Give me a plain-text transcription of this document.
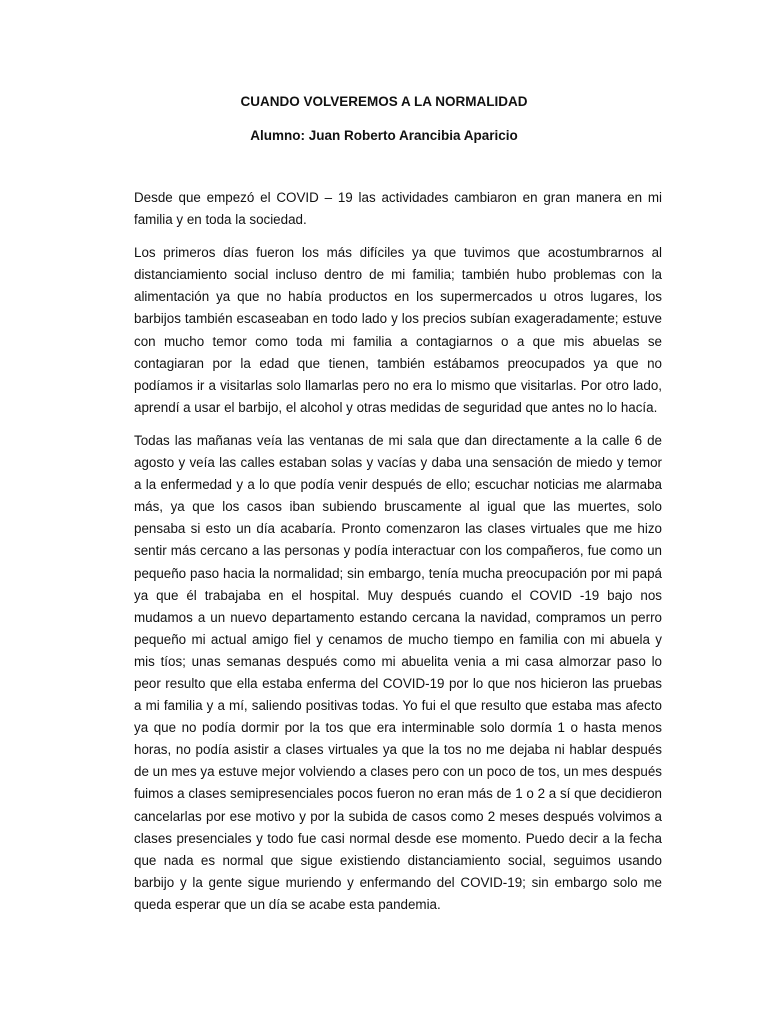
CUANDO VOLVEREMOS A LA NORMALIDAD
Alumno: Juan Roberto Arancibia Aparicio

Desde que empezó el COVID – 19 las actividades cambiaron en gran manera en mi familia y en toda la sociedad.

Los primeros días fueron los más difíciles ya que tuvimos que acostumbrarnos al distanciamiento social incluso dentro de mi familia; también hubo problemas con la alimentación ya que no había productos en los supermercados u otros lugares, los barbijos también escaseaban en todo lado y los precios subían exageradamente; estuve con mucho temor como toda mi familia a contagiarnos o a que mis abuelas se contagiaran por la edad que tienen, también estábamos preocupados ya que no podíamos ir a visitarlas solo llamarlas pero no era lo mismo que visitarlas. Por otro lado, aprendí a usar el barbijo, el alcohol y otras medidas de seguridad que antes no lo hacía.

Todas las mañanas veía las ventanas de mi sala que dan directamente a la calle 6 de agosto y veía las calles estaban solas y vacías y daba una sensación de miedo y temor a la enfermedad y a lo que podía venir después de ello; escuchar noticias me alarmaba más, ya que los casos iban subiendo bruscamente al igual que las muertes, solo pensaba si esto un día acabaría. Pronto comenzaron las clases virtuales que me hizo sentir más cercano a las personas y podía interactuar con los compañeros, fue como un pequeño paso hacia la normalidad; sin embargo, tenía mucha preocupación por mi papá ya que él trabajaba en el hospital. Muy después cuando el COVID -19 bajo nos mudamos a un nuevo departamento estando cercana la navidad, compramos un perro pequeño mi actual amigo fiel y cenamos de mucho tiempo en familia con mi abuela y mis tíos; unas semanas después como mi abuelita venia a mi casa almorzar paso lo peor resulto que ella estaba enferma del COVID-19 por lo que nos hicieron las pruebas a mi familia y a mí, saliendo positivas todas. Yo fui el que resulto que estaba mas afecto ya que no podía dormir por la tos que era interminable solo dormía 1 o hasta menos horas, no podía asistir a clases virtuales ya que la tos no me dejaba ni hablar después de un mes ya estuve mejor volviendo a clases pero con un poco de tos, un mes después fuimos a clases semipresenciales pocos fueron no eran más de 1 o 2 a sí que decidieron cancelarlas por ese motivo y por la subida de casos como 2 meses después volvimos a clases presenciales y todo fue casi normal desde ese momento. Puedo decir a la fecha que nada es normal que sigue existiendo distanciamiento social, seguimos usando barbijo y la gente sigue muriendo y enfermando del COVID-19; sin embargo solo me queda esperar que un día se acabe esta pandemia.
